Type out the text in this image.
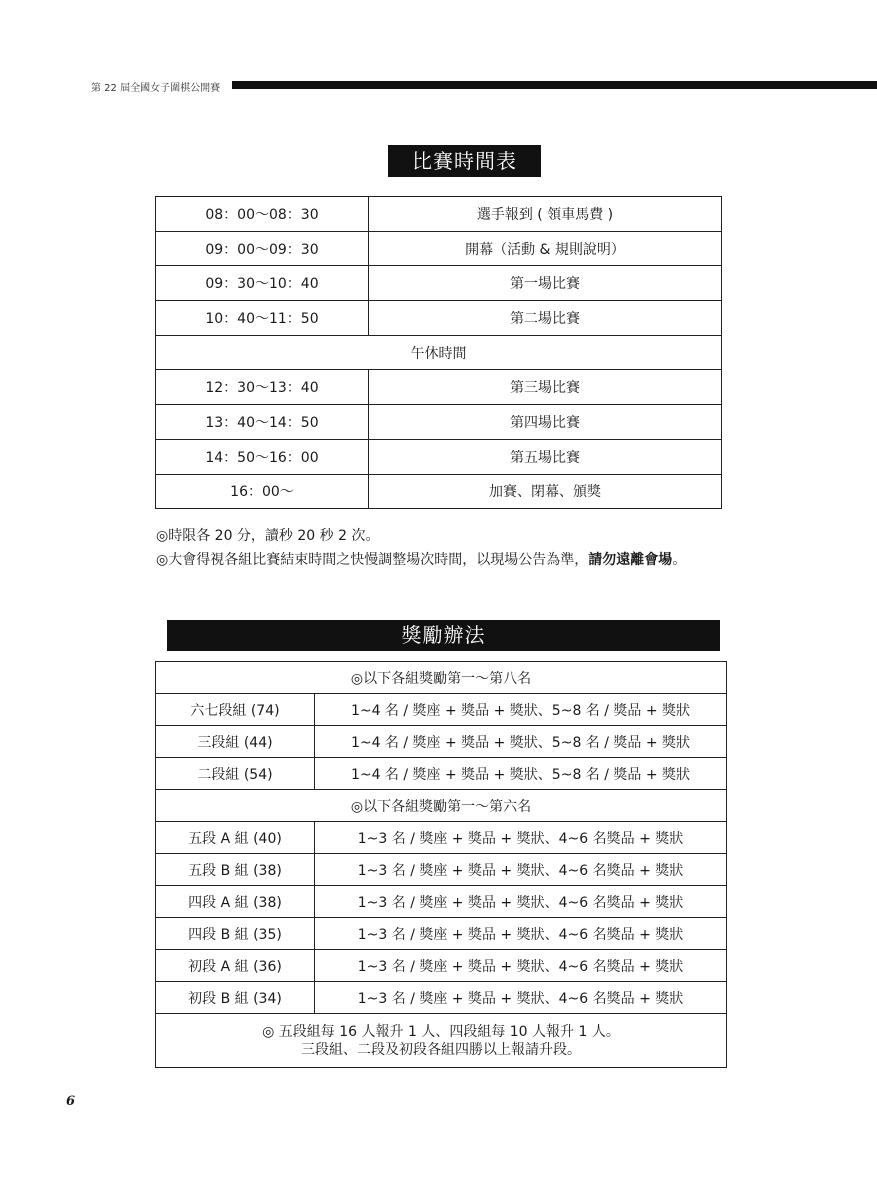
第 22 屆全國女子圍棋公開賽
比賽時間表
08：00～08：30	選手報到 ( 領車馬費 )
09：00～09：30	開幕（活動 & 規則說明）
09：30～10：40	第一場比賽
10：40～11：50	第二場比賽
午休時間	
12：30～13：40	第三場比賽
13：40～14：50	第四場比賽
14：50～16：00	第五場比賽
16：00～	加賽、閉幕、頒獎
◎時限各 20 分，讀秒 20 秒 2 次。
◎大會得視各組比賽結束時間之快慢調整場次時間，以現場公告為準，請勿遠離會場。
獎勵辦法
◎以下各組獎勵第一～第八名	
六七段組 (74)	1~4 名 / 獎座 + 獎品 + 獎狀、5~8 名 / 獎品 + 獎狀
三段組 (44)	1~4 名 / 獎座 + 獎品 + 獎狀、5~8 名 / 獎品 + 獎狀
二段組 (54)	1~4 名 / 獎座 + 獎品 + 獎狀、5~8 名 / 獎品 + 獎狀
◎以下各組獎勵第一～第六名	
五段 A 組 (40)	1~3 名 / 獎座 + 獎品 + 獎狀、4~6 名獎品 + 獎狀
五段 B 組 (38)	1~3 名 / 獎座 + 獎品 + 獎狀、4~6 名獎品 + 獎狀
四段 A 組 (38)	1~3 名 / 獎座 + 獎品 + 獎狀、4~6 名獎品 + 獎狀
四段 B 組 (35)	1~3 名 / 獎座 + 獎品 + 獎狀、4~6 名獎品 + 獎狀
初段 A 組 (36)	1~3 名 / 獎座 + 獎品 + 獎狀、4~6 名獎品 + 獎狀
初段 B 組 (34)	1~3 名 / 獎座 + 獎品 + 獎狀、4~6 名獎品 + 獎狀

◎ 五段組每 16 人報升 1 人、四段組每 10 人報升 1 人。
三段組、二段及初段各組四勝以上報請升段。	
6
